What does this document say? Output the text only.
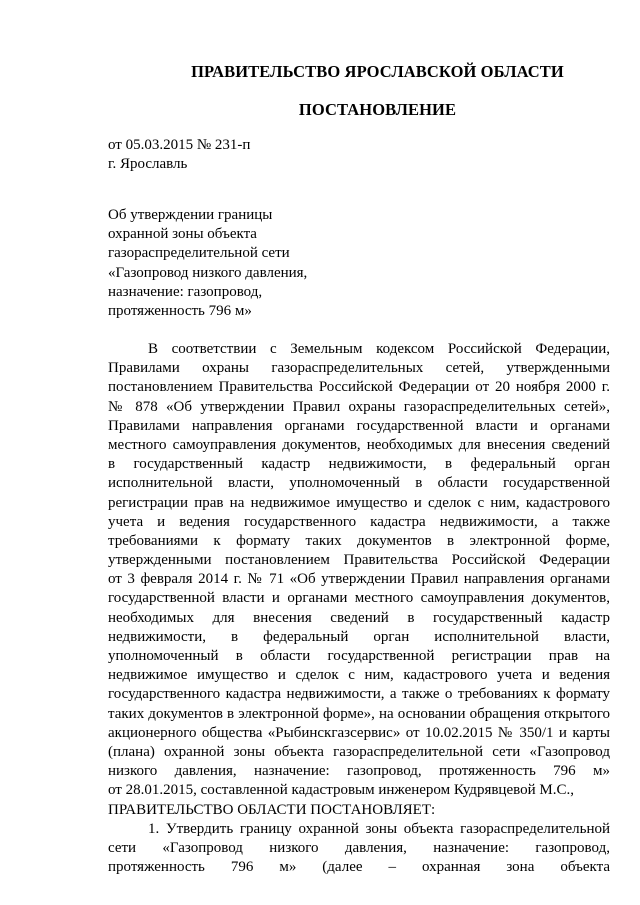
ПРАВИТЕЛЬСТВО ЯРОСЛАВСКОЙ ОБЛАСТИ
ПОСТАНОВЛЕНИЕ
от 05.03.2015 № 231-п
г. Ярославль
Об утверждении границы
охранной зоны объекта
газораспределительной сети
«Газопровод низкого давления,
назначение: газопровод,
протяженность 796 м»
В соответствии с Земельным кодексом Российской Федерации,
Правилами охраны газораспределительных сетей, утвержденными
постановлением Правительства Российской Федерации от 20 ноября 2000 г.
№ 878 «Об утверждении Правил охраны газораспределительных сетей»,
Правилами направления органами государственной власти и органами
местного самоуправления документов, необходимых для внесения сведений
в государственный кадастр недвижимости, в федеральный орган
исполнительной власти, уполномоченный в области государственной
регистрации прав на недвижимое имущество и сделок с ним, кадастрового
учета и ведения государственного кадастра недвижимости, а также
требованиями к формату таких документов в электронной форме,
утвержденными постановлением Правительства Российской Федерации
от 3 февраля 2014 г. № 71 «Об утверждении Правил направления органами
государственной власти и органами местного самоуправления документов,
необходимых для внесения сведений в государственный кадастр
недвижимости, в федеральный орган исполнительной власти,
уполномоченный в области государственной регистрации прав на
недвижимое имущество и сделок с ним, кадастрового учета и ведения
государственного кадастра недвижимости, а также о требованиях к формату
таких документов в электронной форме», на основании обращения открытого
акционерного общества «Рыбинскгазсервис» от 10.02.2015 № 350/1 и карты
(плана) охранной зоны объекта газораспределительной сети «Газопровод
низкого давления, назначение: газопровод, протяженность 796 м»
от 28.01.2015, составленной кадастровым инженером Кудрявцевой М.С.,
ПРАВИТЕЛЬСТВО ОБЛАСТИ ПОСТАНОВЛЯЕТ:
1. Утвердить границу охранной зоны объекта газораспределительной
сети «Газопровод низкого давления, назначение: газопровод,
протяженность 796 м» (далее – охранная зона объекта
